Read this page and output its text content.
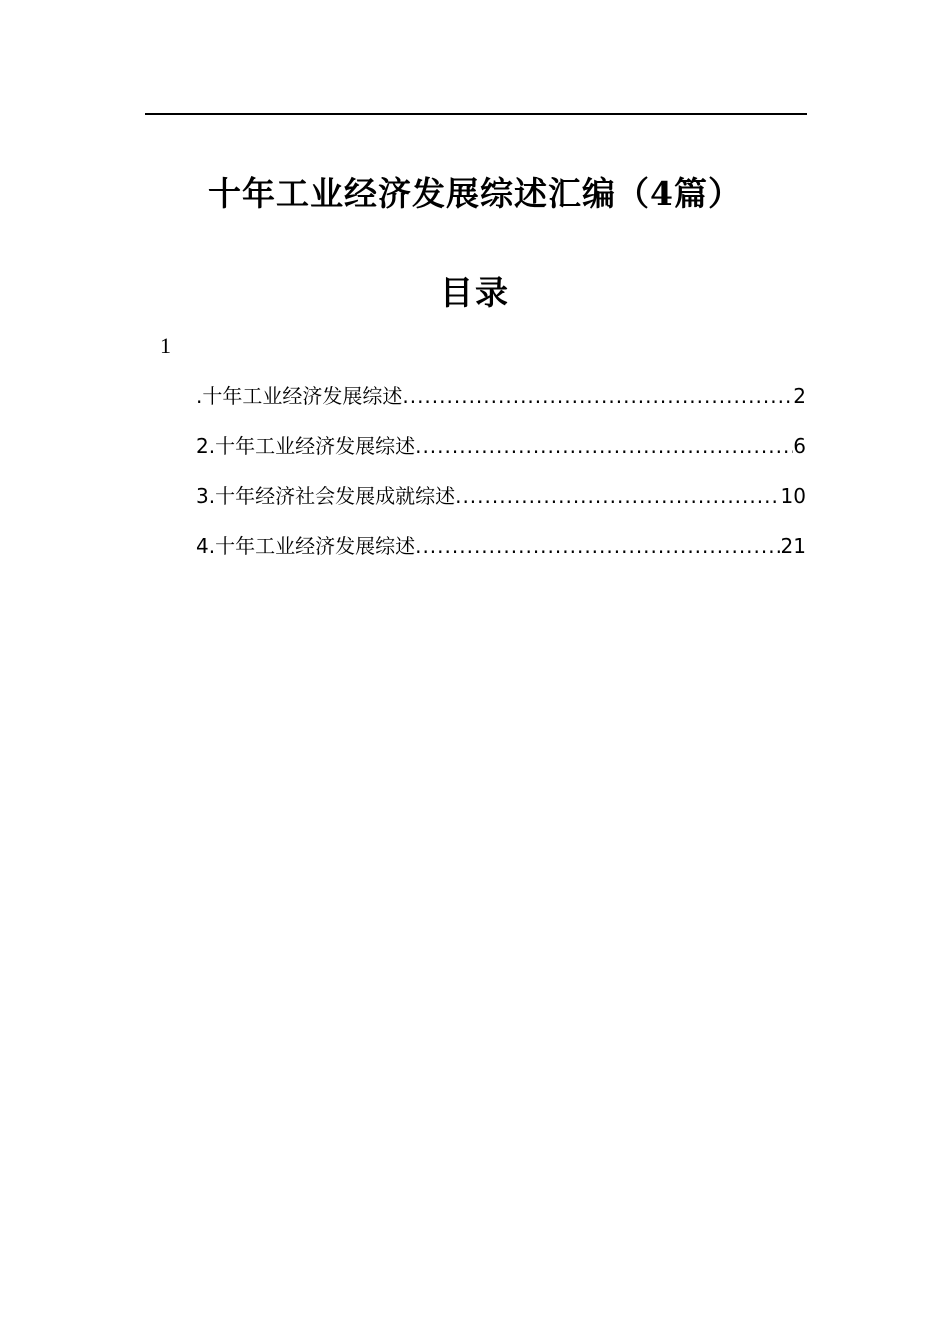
十年工业经济发展综述汇编（4篇）
目录
1
.十年工业经济发展综述 .....	2
2.十年工业经济发展综述 .....	6
3.十年经济社会发展成就综述 .....	10
4.十年工业经济发展综述 .....	21
